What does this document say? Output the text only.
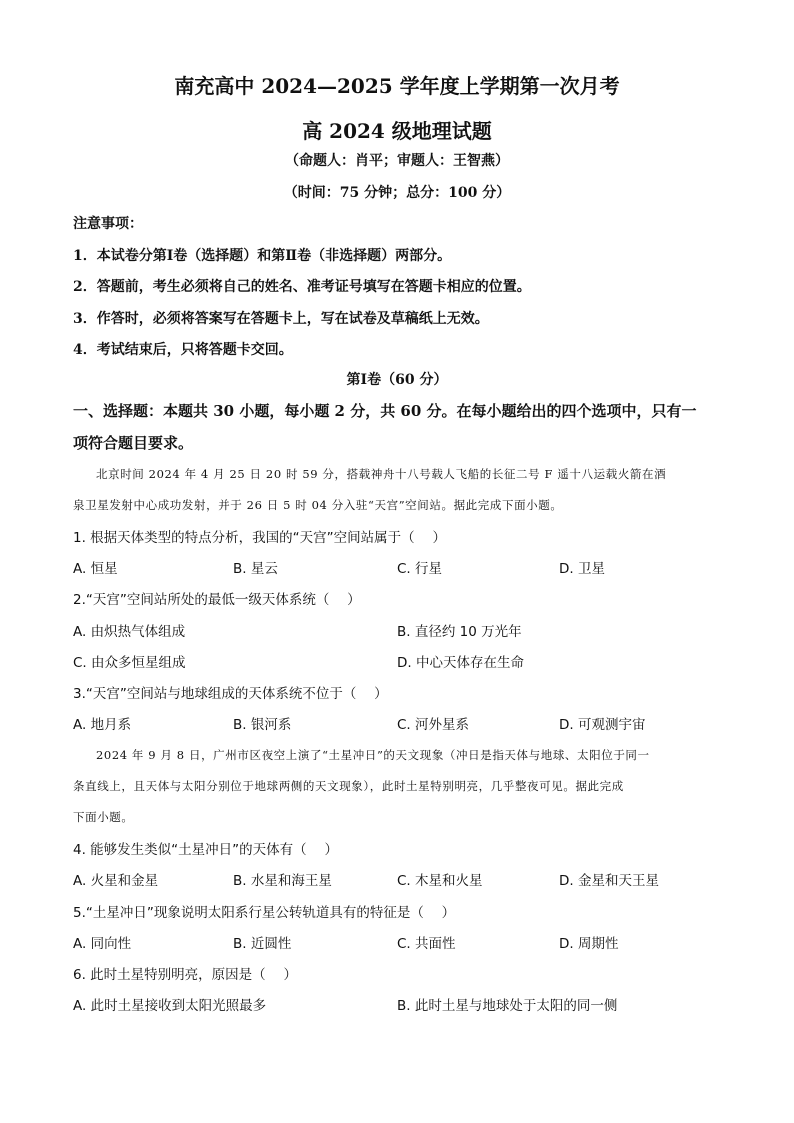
南充高中 2024—2025 学年度上学期第一次月考
高 2024 级地理试题
（命题人：肖平；审题人：王智燕）
（时间：75 分钟；总分：100 分）
注意事项：
1．本试卷分第Ⅰ卷（选择题）和第Ⅱ卷（非选择题）两部分。
2．答题前，考生必须将自己的姓名、准考证号填写在答题卡相应的位置。
3．作答时，必须将答案写在答题卡上，写在试卷及草稿纸上无效。
4．考试结束后，只将答题卡交回。
第Ⅰ卷（60 分）
一、选择题：本题共 30 小题，每小题 2 分，共 60 分。在每小题给出的四个选项中，只有一
项符合题目要求。
北京时间 2024 年 4 月 25 日 20 时 59 分，搭载神舟十八号载人飞船的长征二号 F 遥十八运载火箭在酒
泉卫星发射中心成功发射，并于 26 日 5 时 04 分入驻“天宫”空间站。据此完成下面小题。
1. 根据天体类型的特点分析，我国的“天宫”空间站属于（　 ）
A. 恒星	B. 星云	C. 行星	D. 卫星
2.“天宫”空间站所处的最低一级天体系统（　 ）
A. 由炽热气体组成	B. 直径约 10 万光年
C. 由众多恒星组成	D. 中心天体存在生命
3.“天宫”空间站与地球组成的天体系统不位于（　 ）
A. 地月系	B. 银河系	C. 河外星系	D. 可观测宇宙
2024 年 9 月 8 日，广州市区夜空上演了“土星冲日”的天文现象（冲日是指天体与地球、太阳位于同一
条直线上，且天体与太阳分别位于地球两侧的天文现象），此时土星特别明亮，几乎整夜可见。据此完成
下面小题。
4. 能够发生类似“土星冲日”的天体有（　 ）
A. 火星和金星	B. 水星和海王星	C. 木星和火星	D. 金星和天王星
5.“土星冲日”现象说明太阳系行星公转轨道具有的特征是（　 ）
A. 同向性	B. 近圆性	C. 共面性	D. 周期性
6. 此时土星特别明亮，原因是（　 ）
A. 此时土星接收到太阳光照最多	B. 此时土星与地球处于太阳的同一侧
